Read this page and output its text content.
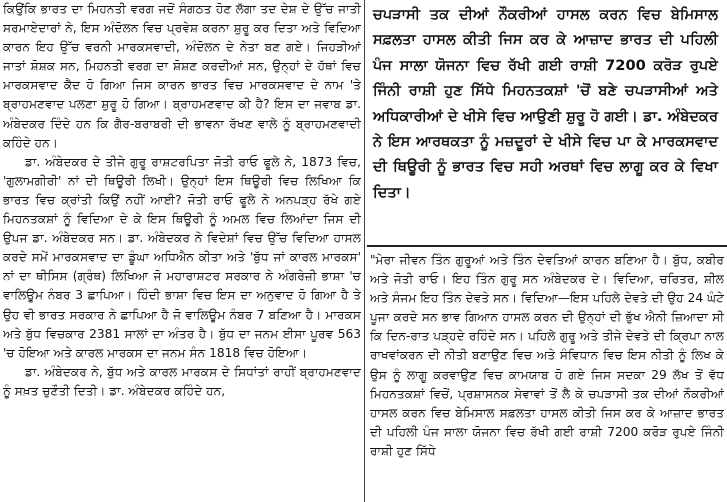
ਕਿਉਂਕਿ ਭਾਰਤ ਦਾ ਮਿਹਨਤੀ ਵਰਗ ਜਦੋਂ ਸੰਗਠਤ ਹੋਣ ਲੱਗਾ ਤਦ ਦੇਸ਼ ਦੇ ਉੱਚ ਜਾਤੀ ਸਰਮਾਏਦਾਰਾਂ ਨੇ, ਇਸ ਅੰਦੋਲਨ ਵਿਚ ਪ੍ਰਵੇਸ਼ ਕਰਨਾ ਸ਼ੁਰੂ ਕਰ ਦਿਤਾ ਅਤੇ ਵਿਦਿਆ ਕਾਰਨ ਇਹ ਉੱਚ ਵਰਨੀ ਮਾਰਕਸਵਾਦੀ, ਅੰਦੋਲਨ ਦੇ ਨੇਤਾ ਬਣ ਗਏ। ਜਿਹੜੀਆਂ ਜਾਤਾਂ ਸ਼ੋਸ਼ਕ ਸਨ, ਮਿਹਨਤੀ ਵਰਗ ਦਾ ਸ਼ੋਸ਼ਣ ਕਰਦੀਆਂ ਸਨ, ਉਨ੍ਹਾਂ ਦੇ ਹੱਥਾਂ ਵਿਚ ਮਾਰਕਸਵਾਦ ਕੈਦ ਹੋ ਗਿਆ ਜਿਸ ਕਾਰਨ ਭਾਰਤ ਵਿਚ ਮਾਰਕਸਵਾਦ ਦੇ ਨਾਮ 'ਤੇ ਬ੍ਰਾਹਮਣਵਾਦ ਪਲਣਾ ਸ਼ੁਰੂ ਹੋ ਗਿਆ। ਬ੍ਰਾਹਮਣਵਾਦ ਕੀ ਹੈ? ਇਸ ਦਾ ਜਵਾਬ ਡਾ. ਅੰਬੇਦਕਰ ਦਿੰਦੇ ਹਨ ਕਿ ਗੈਰ-ਬਰਾਬਰੀ ਦੀ ਭਾਵਨਾ ਰੱਖਣ ਵਾਲੇ ਨੂੰ ਬ੍ਰਾਹਮਣਵਾਦੀ ਕਹਿੰਦੇ ਹਨ।

ਡਾ. ਅੰਬੇਦਕਰ ਦੇ ਤੀਜੇ ਗੁਰੂ ਰਾਸ਼ਟਰਪਿਤਾ ਜੋਤੀ ਰਾਓ ਫੂਲੇ ਨੇ, 1873 ਵਿਚ, 'ਗੁਲਾਮਗੀਰੀ' ਨਾਂ ਦੀ ਥਿਊਰੀ ਲਿਖੀ। ਉਨ੍ਹਾਂ ਇਸ ਥਿਊਰੀ ਵਿਚ ਲਿਖਿਆ ਕਿ ਭਾਰਤ ਵਿਚ ਕ੍ਰਾਂਤੀ ਕਿਉਂ ਨਹੀਂ ਆਈ? ਜੋਤੀ ਰਾਓ ਫੂਲੇ ਨੇ ਅਨਪੜ੍ਹ ਰੱਖੇ ਗਏ ਮਿਹਨਤਕਸ਼ਾਂ ਨੂੰ ਵਿਦਿਆ ਦੇ ਕੇ ਇਸ ਥਿਊਰੀ ਨੂੰ ਅਮਲ ਵਿਚ ਲਿਆਂਦਾ ਜਿਸ ਦੀ ਉਪਜ ਡਾ. ਅੰਬੇਦਕਰ ਸਨ। ਡਾ. ਅੰਬੇਦਕਰ ਨੇ ਵਿਦੇਸ਼ਾਂ ਵਿਚ ਉੱਚ ਵਿਦਿਆ ਹਾਸਲ ਕਰਦੇ ਸਮੇਂ ਮਾਰਕਸਵਾਦ ਦਾ ਡੂੰਘਾ ਅਧਿਐਨ ਕੀਤਾ ਅਤੇ 'ਬੁੱਧ ਜਾਂ ਕਾਰਲ ਮਾਰਕਸ' ਨਾਂ ਦਾ ਥੀਸਿਸ (ਗ੍ਰੰਥ) ਲਿਖਿਆ ਜੋ ਮਹਾਰਾਸ਼ਟਰ ਸਰਕਾਰ ਨੇ ਅੰਗਰੇਜ਼ੀ ਭਾਸ਼ਾ 'ਚ ਵਾਲਿਊਮ ਨੰਬਰ 3 ਛਾਪਿਆ। ਹਿੰਦੀ ਭਾਸ਼ਾ ਵਿਚ ਇਸ ਦਾ ਅਨੁਵਾਦ ਹੋ ਗਿਆ ਹੈ ਤੇ ਉਹ ਵੀ ਭਾਰਤ ਸਰਕਾਰ ਨੇ ਛਾਪਿਆ ਹੈ ਜੋ ਵਾਲਿਊਮ ਨੰਬਰ 7 ਬਣਿਆ ਹੈ। ਮਾਰਕਸ ਅਤੇ ਬੁੱਧ ਵਿਚਕਾਰ 2381 ਸਾਲਾਂ ਦਾ ਅੰਤਰ ਹੈ। ਬੁੱਧ ਦਾ ਜਨਮ ਈਸਾ ਪੂਰਵ 563 'ਚ ਹੋਇਆ ਅਤੇ ਕਾਰਲ ਮਾਰਕਸ ਦਾ ਜਨਮ ਸੰਨ 1818 ਵਿਚ ਹੋਇਆ।

ਡਾ. ਅੰਬੇਦਕਰ ਨੇ, ਬੁੱਧ ਅਤੇ ਕਾਰਲ ਮਾਰਕਸ ਦੇ ਸਿਧਾਂਤਾਂ ਰਾਹੀਂ ਬ੍ਰਾਹਮਣਵਾਦ ਨੂੰ ਸਖ਼ਤ ਚੁਣੌਤੀ ਦਿਤੀ। ਡਾ. ਅੰਬੇਦਕਰ ਕਹਿੰਦੇ ਹਨ,

ਚਪੜਾਸੀ ਤਕ ਦੀਆਂ ਨੌਕਰੀਆਂ ਹਾਸਲ ਕਰਨ ਵਿਚ ਬੇਮਿਸਾਲ ਸਫ਼ਲਤਾ ਹਾਸਲ ਕੀਤੀ ਜਿਸ ਕਰ ਕੇ ਆਜ਼ਾਦ ਭਾਰਤ ਦੀ ਪਹਿਲੀ ਪੰਜ ਸਾਲਾ ਯੋਜਨਾ ਵਿਚ ਰੱਖੀ ਗਈ ਰਾਸ਼ੀ 7200 ਕਰੋੜ ਰੁਪਏ ਜਿੰਨੀ ਰਾਸ਼ੀ ਹੁਣ ਸਿੱਧੇ ਮਿਹਨਤਕਸ਼ਾਂ 'ਚੋਂ ਬਣੇ ਚਪੜਾਸੀਆਂ ਅਤੇ ਅਧਿਕਾਰੀਆਂ ਦੇ ਖੀਸੇ ਵਿਚ ਆਉਣੀ ਸ਼ੁਰੂ ਹੋ ਗਈ। ਡਾ. ਅੰਬੇਦਕਰ ਨੇ ਇਸ ਆਰਥਕਤਾ ਨੂੰ ਮਜ਼ਦੂਰਾਂ ਦੇ ਖੀਸੇ ਵਿਚ ਪਾ ਕੇ ਮਾਰਕਸਵਾਦ ਦੀ ਥਿਊਰੀ ਨੂੰ ਭਾਰਤ ਵਿਚ ਸਹੀ ਅਰਥਾਂ ਵਿਚ ਲਾਗੂ ਕਰ ਕੇ ਵਿਖਾ ਦਿਤਾ।

"ਮੇਰਾ ਜੀਵਨ ਤਿੰਨ ਗੁਰੂਆਂ ਅਤੇ ਤਿੰਨ ਦੇਵਤਿਆਂ ਕਾਰਨ ਬਣਿਆ ਹੈ। ਬੁੱਧ, ਕਬੀਰ ਅਤੇ ਜੋਤੀ ਰਾਓ। ਇਹ ਤਿੰਨ ਗੁਰੂ ਸਨ ਅੰਬੇਦਕਰ ਦੇ। ਵਿਦਿਆ, ਚਰਿਤਰ, ਸ਼ੀਲ ਅਤੇ ਸੰਜਮ ਇਹ ਤਿੰਨ ਦੇਵਤੇ ਸਨ। ਵਿਦਿਆ—ਇਸ ਪਹਿਲੇ ਦੇਵਤੇ ਦੀ ਉਹ 24 ਘੰਟੇ ਪੂਜਾ ਕਰਦੇ ਸਨ ਭਾਵ ਗਿਆਨ ਹਾਸਲ ਕਰਨ ਦੀ ਉਨ੍ਹਾਂ ਦੀ ਭੁੱਖ ਐਨੀ ਜ਼ਿਆਦਾ ਸੀ ਕਿ ਦਿਨ-ਰਾਤ ਪੜ੍ਹਦੇ ਰਹਿੰਦੇ ਸਨ। ਪਹਿਲੇ ਗੁਰੂ ਅਤੇ ਤੀਜੇ ਦੇਵਤੇ ਦੀ ਕ੍ਰਿਪਾ ਨਾਲ ਰਾਖਵਾਂਕਰਨ ਦੀ ਨੀਤੀ ਬਣਾਉਣ ਵਿਚ ਅਤੇ ਸੰਵਿਧਾਨ ਵਿਚ ਇਸ ਨੀਤੀ ਨੂੰ ਲਿਖ ਕੇ ਉਸ ਨੂੰ ਲਾਗੂ ਕਰਵਾਉਣ ਵਿਚ ਕਾਮਯਾਬ ਹੋ ਗਏ ਜਿਸ ਸਦਕਾ 29 ਲੱਖ ਤੋਂ ਵੱਧ ਮਿਹਨਤਕਸ਼ਾਂ ਵਿਚੋਂ, ਪ੍ਰਸ਼ਾਸਨਕ ਸੇਵਾਵਾਂ ਤੋਂ ਲੈ ਕੇ ਚਪੜਾਸੀ ਤਕ ਦੀਆਂ ਨੌਕਰੀਆਂ ਹਾਸਲ ਕਰਨ ਵਿਚ ਬੇਮਿਸਾਲ ਸਫ਼ਲਤਾ ਹਾਸਲ ਕੀਤੀ ਜਿਸ ਕਰ ਕੇ ਆਜ਼ਾਦ ਭਾਰਤ ਦੀ ਪਹਿਲੀ ਪੰਜ ਸਾਲਾ ਯੋਜਨਾ ਵਿਚ ਰੱਖੀ ਗਈ ਰਾਸ਼ੀ 7200 ਕਰੋੜ ਰੁਪਏ ਜਿੰਨੀ ਰਾਸ਼ੀ ਹੁਣ ਸਿੱਧੇ
